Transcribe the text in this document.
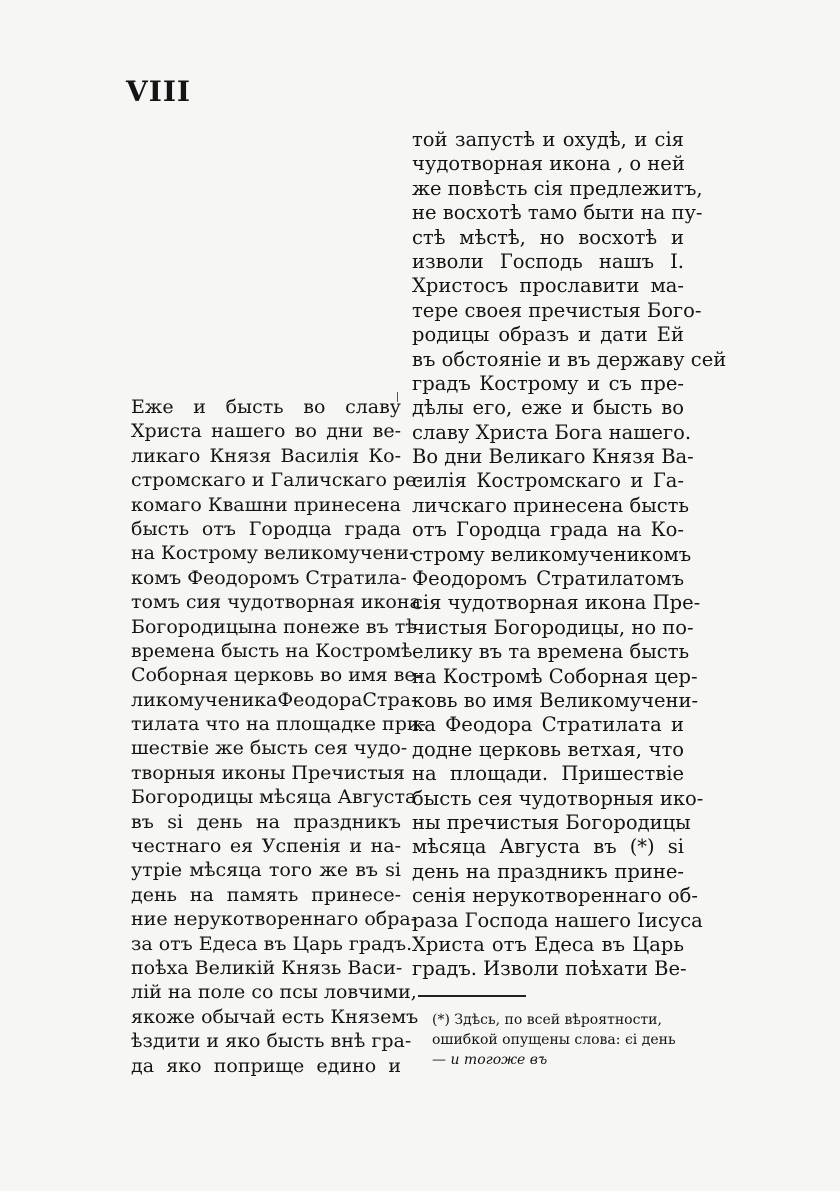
VIII
Еже и бысть во славу
Христа нашего во дни ве-
ликаго Князя Василія Ко-
стромскаго и Галичскаго ре-
комаго Квашни принесена
бысть отъ Городца града
на Кострому великомучени-
комъ Феодоромъ Стратила-
томъ сия чудотворная икона
Богородицына понеже въ тѣ
времена бысть на Костромѣ
Соборная церковь во имя ве-
ликомученикаФеодораСтра-
тилата что на площадке при-
шествіе же бысть сея чудо-
творныя иконы Пречистыя
Богородицы мѣсяца Августа
въ ѕі день на праздникъ
честнаго ея Успенія и на-
утріе мѣсяца того же въ ѕі
день на память принесе-
ние нерукотвореннаго обра-
за отъ Едеса въ Царь градъ.
поѣха Великій Князь Васи-
лій на поле со псы ловчими,
якоже обычай есть Княземъ
ѣздити и яко бысть внѣ гра-
да яко поприще едино и
той запустѣ и охудѣ, и сія
чудотворная икона , о ней
же повѣсть сія предлежитъ,
не восхотѣ тамо быти на пу-
стѣ мѣстѣ, но восхотѣ и
изволи Господь нашъ І.
Христосъ прославити ма-
тере своея пречистыя Бого-
родицы образъ и дати Ей
въ обстояніе и въ державу сей
градъ Кострому и съ пре-
дѣлы его, еже и бысть во
славу Христа Бога нашего.
Во дни Великаго Князя Ва-
силія Костромскаго и Га-
личскаго принесена бысть
отъ Городца града на Ко-
строму великомученикомъ
Феодоромъ Стратилатомъ
сія чудотворная икона Пре-
чистыя Богородицы, но по-
елику въ та времена бысть
на Костромѣ Соборная цер-
ковь во имя Великомучени-
ка Феодора Стратилата и
додне церковь ветхая, что
на площади. Пришествіе
бысть сея чудотворныя ико-
ны пречистыя Богородицы
мѣсяца Августа въ (*) ѕі
день на праздникъ прине-
сенія нерукотвореннаго об-
раза Господа нашего Іисуса
Христа отъ Едеса въ Царь
градъ. Изволи поѣхати Ве-
(*) Здѣсь, по всей вѣроятности,
ошибкой опущены слова: єі день
— и тогоже въ
